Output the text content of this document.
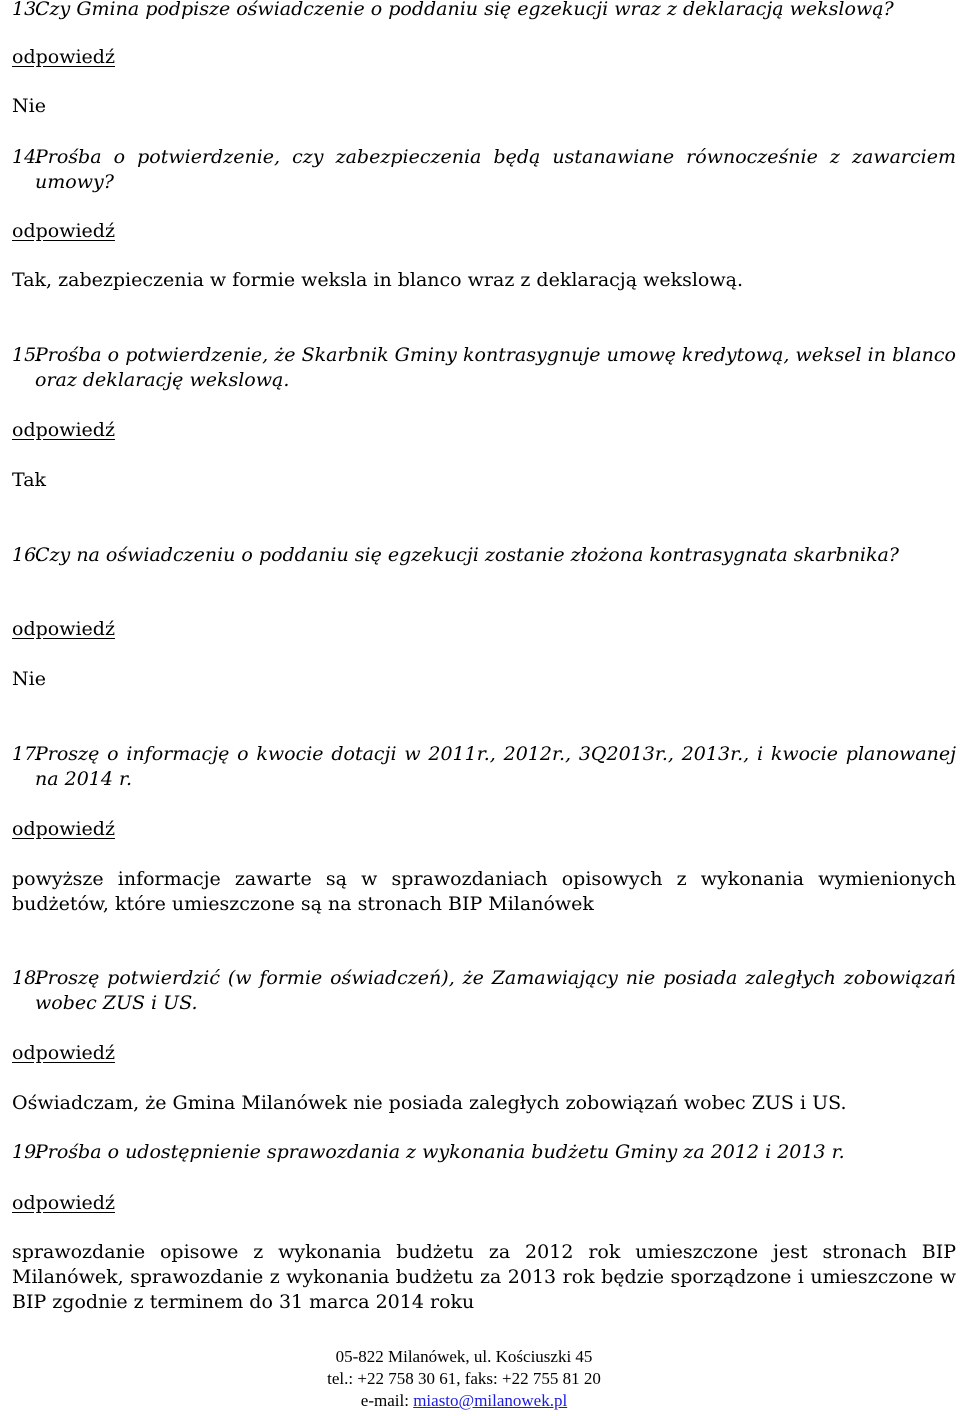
13.
Czy Gmina podpisze oświadczenie o poddaniu się egzekucji wraz z deklaracją wekslową?
odpowiedź
Nie
14.
Prośba o potwierdzenie, czy zabezpieczenia będą ustanawiane równocześnie z zawarciem umowy?
odpowiedź
Tak, zabezpieczenia w formie weksla in blanco wraz z deklaracją wekslową.
15.
Prośba o potwierdzenie, że Skarbnik Gminy kontrasygnuje umowę kredytową, weksel in blanco oraz deklarację wekslową.
odpowiedź
Tak
16.
Czy na oświadczeniu o poddaniu się egzekucji zostanie złożona kontrasygnata skarbnika?
odpowiedź
Nie
17.
Proszę o informację o kwocie dotacji w 2011r., 2012r., 3Q2013r., 2013r., i kwocie planowanej na 2014 r.
odpowiedź
powyższe informacje zawarte są w sprawozdaniach opisowych z wykonania wymienionych budżetów, które umieszczone są na stronach BIP Milanówek
18.
Proszę potwierdzić (w formie oświadczeń), że Zamawiający nie posiada zaległych zobowiązań wobec ZUS i US.
odpowiedź
Oświadczam, że Gmina Milanówek nie posiada zaległych zobowiązań wobec ZUS i US.
19.
Prośba o udostępnienie sprawozdania z wykonania budżetu Gminy za 2012 i 2013 r.
odpowiedź
sprawozdanie opisowe z wykonania budżetu za 2012 rok umieszczone jest stronach BIP Milanówek, sprawozdanie z wykonania budżetu za 2013 rok będzie sporządzone i umieszczone w BIP zgodnie z terminem do 31 marca 2014 roku
05-822 Milanówek, ul. Kościuszki 45
tel.: +22 758 30 61, faks: +22 755 81 20
e-mail: miasto@milanowek.pl
